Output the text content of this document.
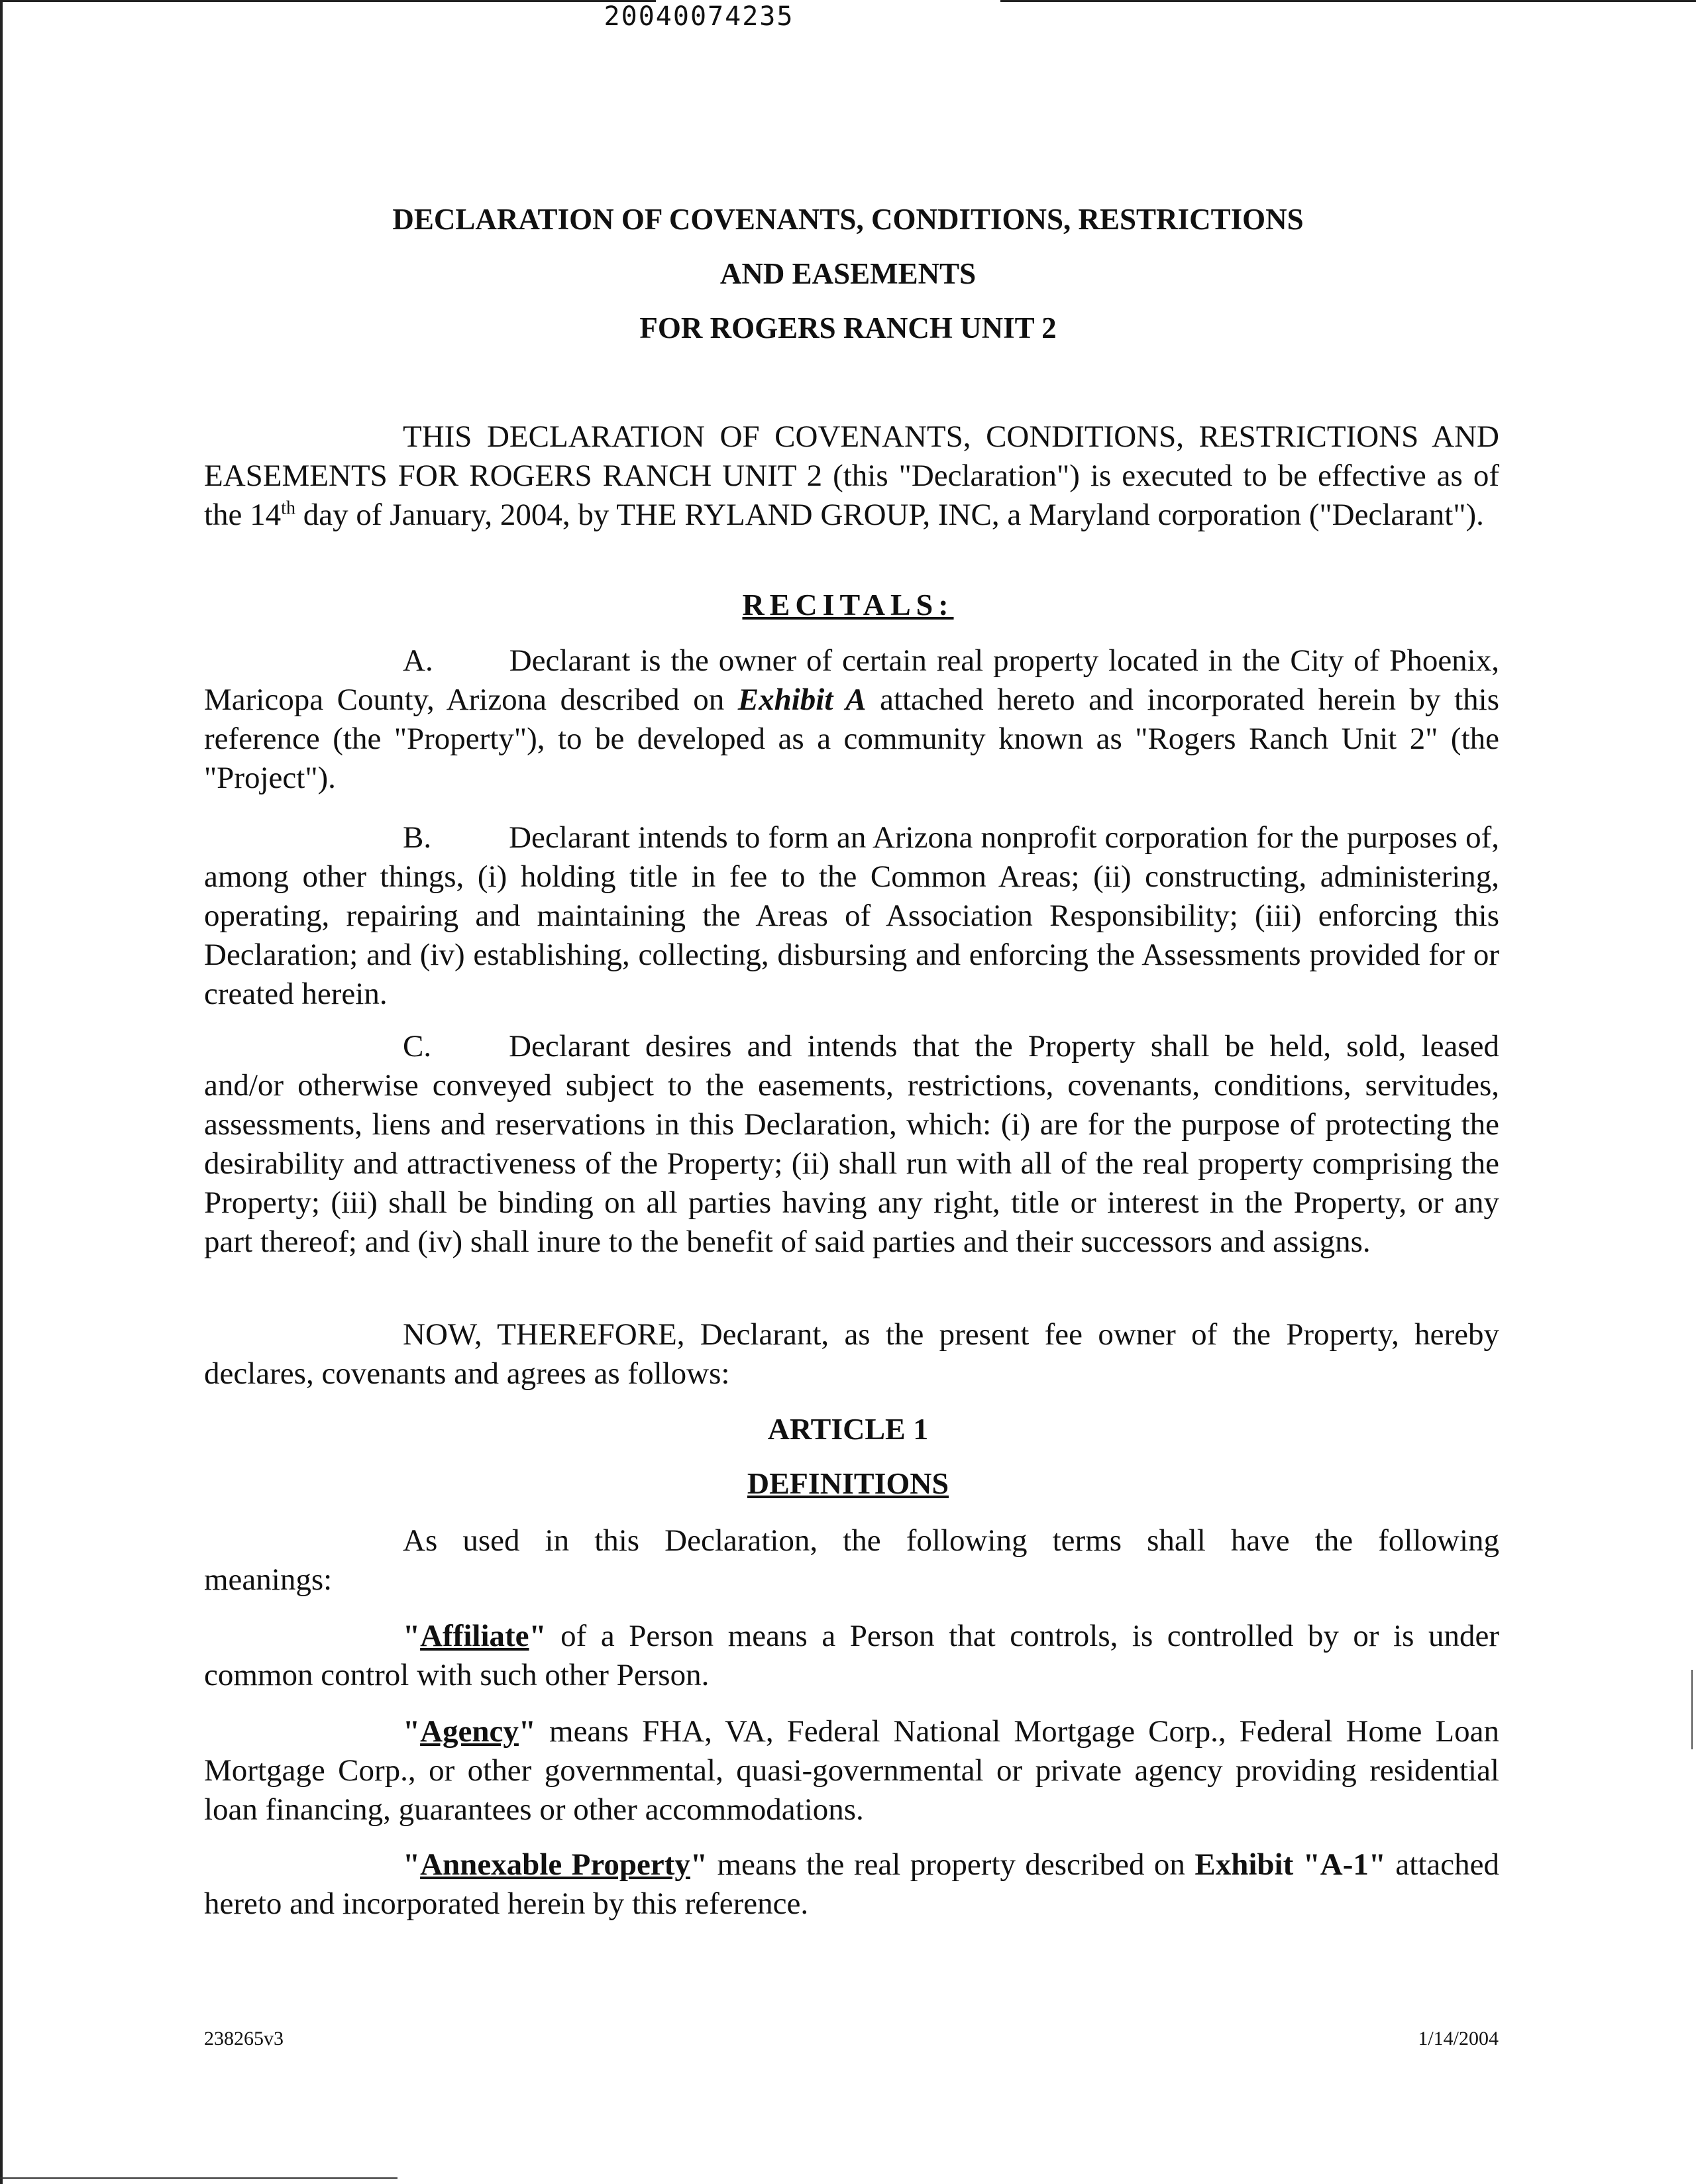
20040074235
DECLARATION OF COVENANTS, CONDITIONS, RESTRICTIONS
AND EASEMENTS
FOR ROGERS RANCH UNIT 2

THIS DECLARATION OF COVENANTS, CONDITIONS, RESTRICTIONS AND EASEMENTS FOR ROGERS RANCH UNIT 2 (this "Declaration") is executed to be effective as of the 14th day of January, 2004, by THE RYLAND GROUP, INC, a Maryland corporation ("Declarant").

RECITALS:

A. Declarant is the owner of certain real property located in the City of Phoenix, Maricopa County, Arizona described on Exhibit A attached hereto and incorporated herein by this reference (the "Property"), to be developed as a community known as "Rogers Ranch Unit 2" (the "Project").

B. Declarant intends to form an Arizona nonprofit corporation for the purposes of, among other things, (i) holding title in fee to the Common Areas; (ii) constructing, administering, operating, repairing and maintaining the Areas of Association Responsibility; (iii) enforcing this Declaration; and (iv) establishing, collecting, disbursing and enforcing the Assessments provided for or created herein.

C. Declarant desires and intends that the Property shall be held, sold, leased and/or otherwise conveyed subject to the easements, restrictions, covenants, conditions, servitudes, assessments, liens and reservations in this Declaration, which: (i) are for the purpose of protecting the desirability and attractiveness of the Property; (ii) shall run with all of the real property comprising the Property; (iii) shall be binding on all parties having any right, title or interest in the Property, or any part thereof; and (iv) shall inure to the benefit of said parties and their successors and assigns.

NOW, THEREFORE, Declarant, as the present fee owner of the Property, hereby declares, covenants and agrees as follows:

ARTICLE 1
DEFINITIONS
As used in this Declaration, the following terms shall have the following
meanings:

"Affiliate" of a Person means a Person that controls, is controlled by or is under common control with such other Person.

"Agency" means FHA, VA, Federal National Mortgage Corp., Federal Home Loan Mortgage Corp., or other governmental, quasi-governmental or private agency providing residential loan financing, guarantees or other accommodations.

"Annexable Property" means the real property described on Exhibit "A-1" attached hereto and incorporated herein by this reference.

238265v3	1/14/2004
